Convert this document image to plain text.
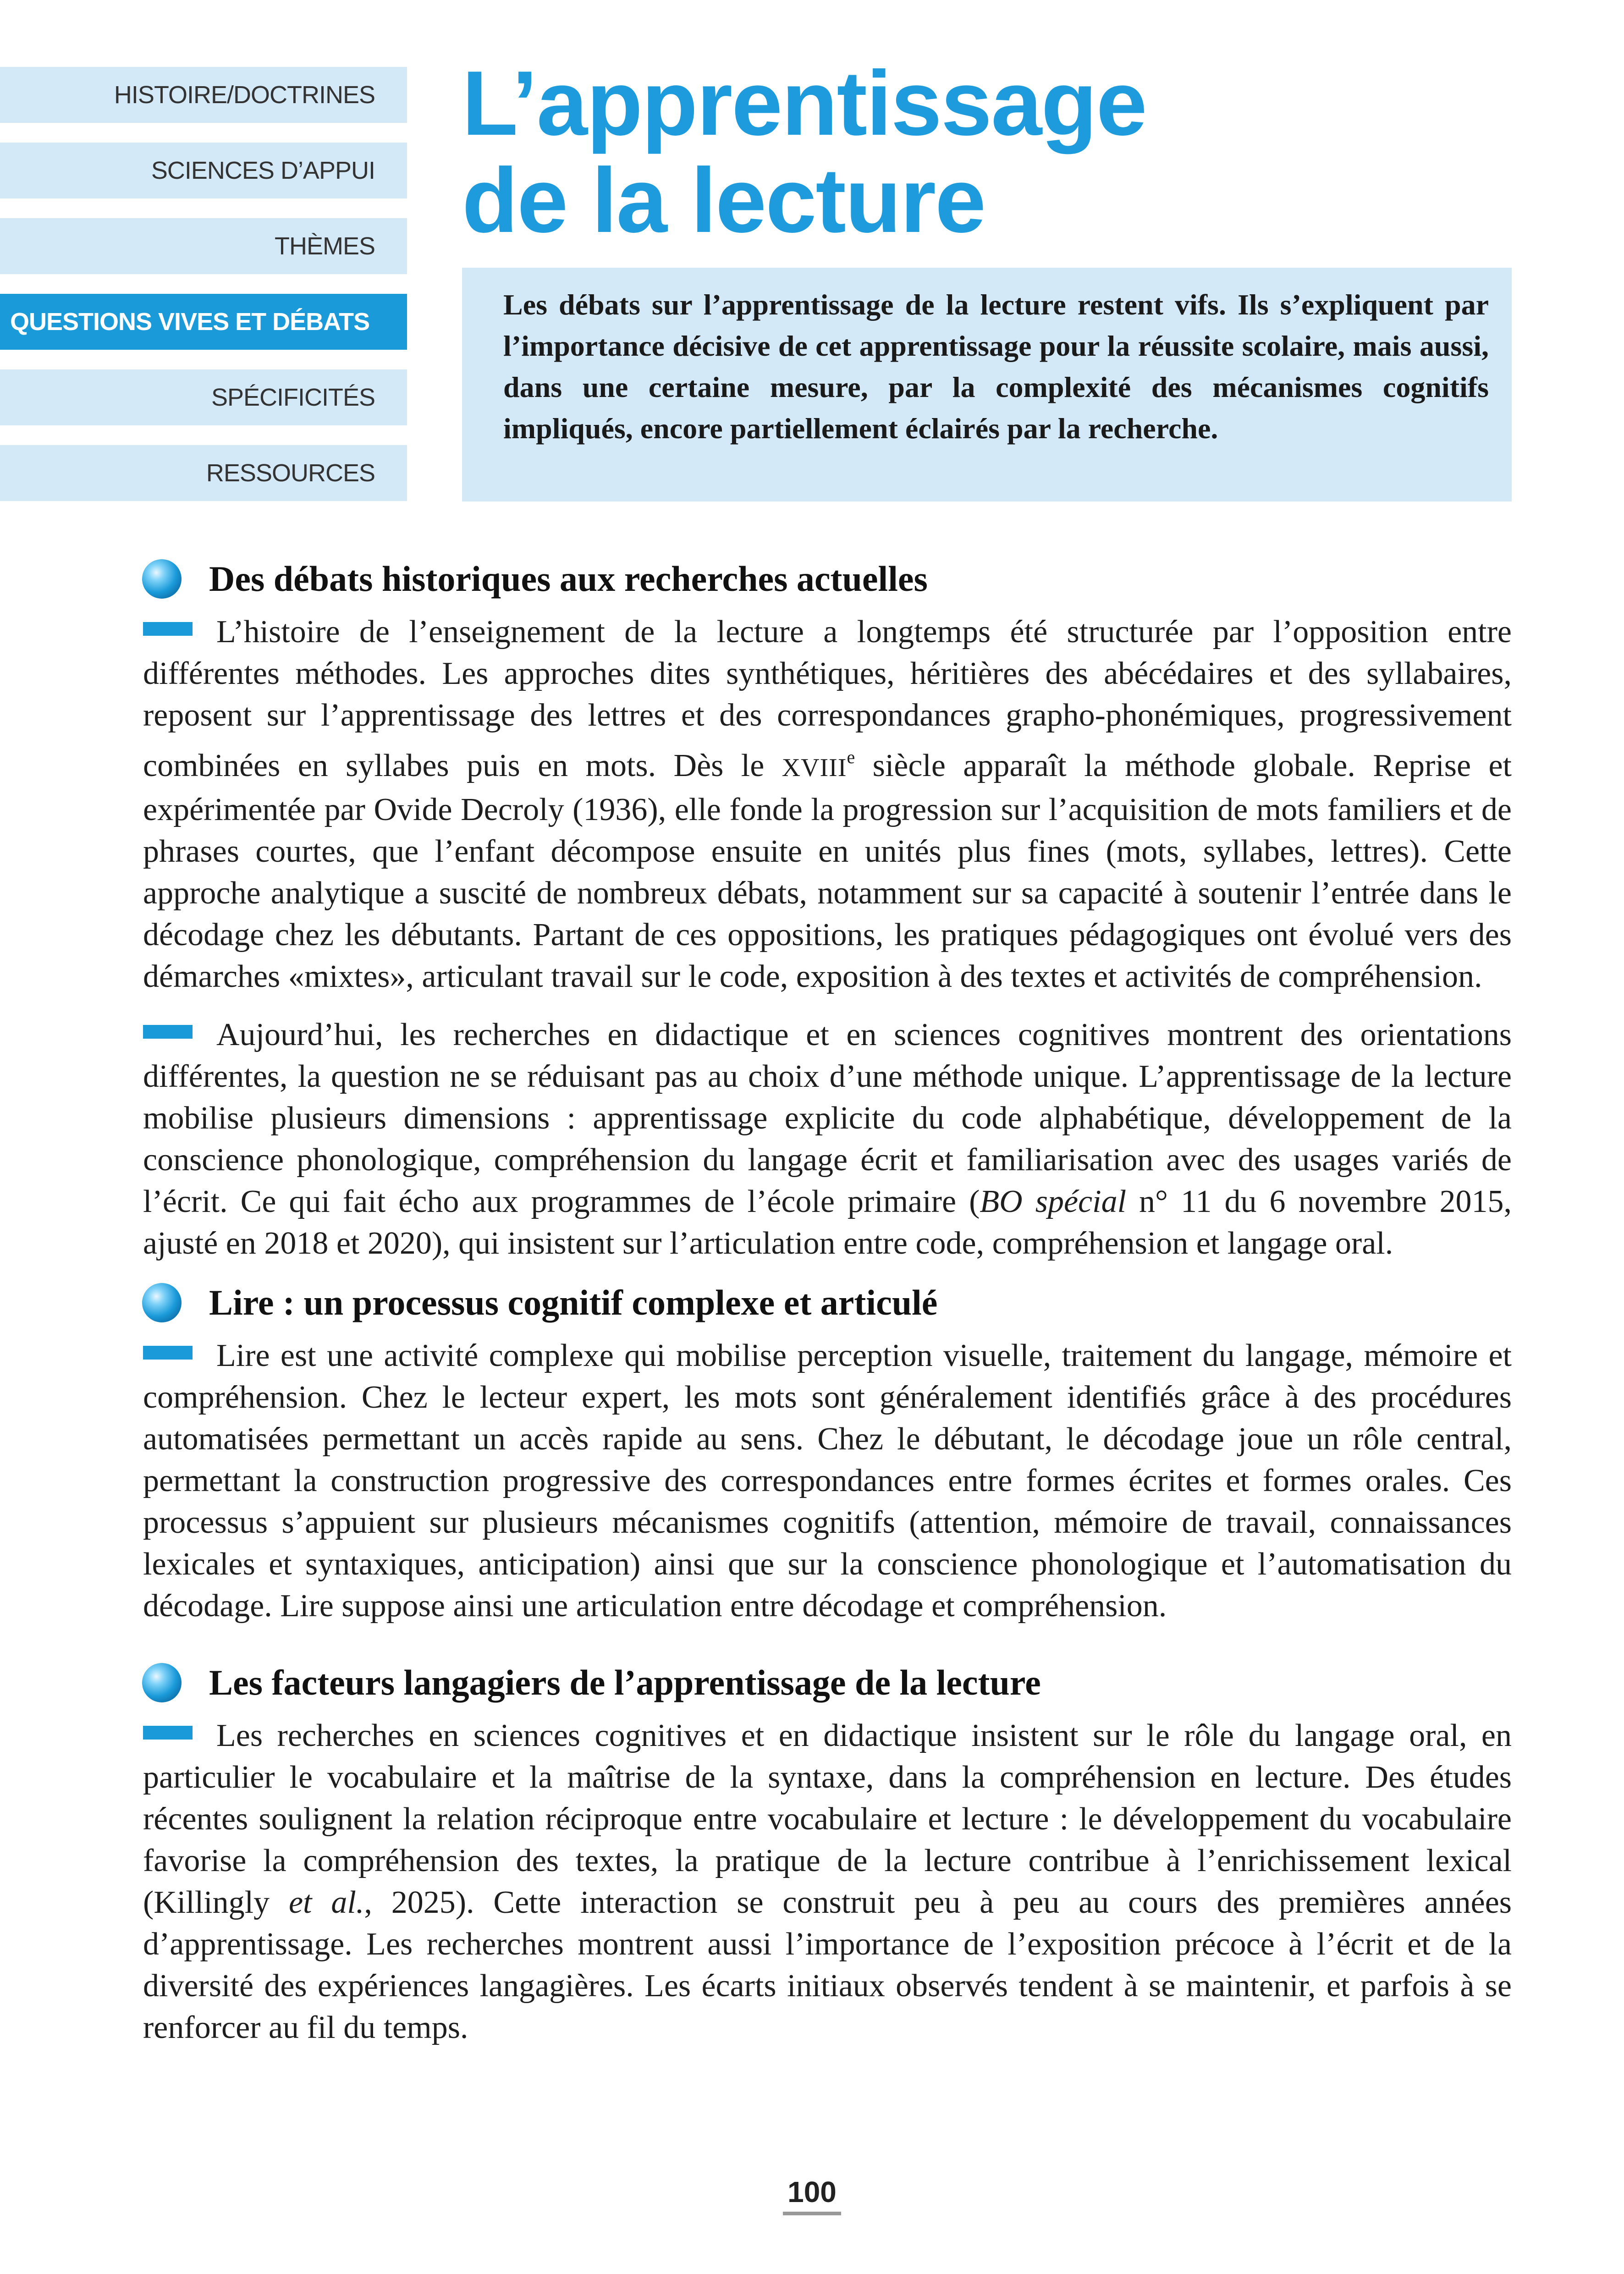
HISTOIRE/DOCTRINES
SCIENCES D’APPUI
THÈMES
QUESTIONS VIVES ET DÉBATS
SPÉCIFICITÉS
RESSOURCES
L’apprentissage
de la lecture
Les débats sur l’apprentissage de la lecture restent vifs. Ils s’expliquent par l’importance décisive de cet apprentissage pour la réussite scolaire, mais aussi, dans une certaine mesure, par la complexité des mécanismes cognitifs impliqués, encore partiellement éclairés par la recherche.
Des débats historiques aux recherches actuelles

L’histoire de l’enseignement de la lecture a longtemps été structurée par l’opposition entre différentes méthodes. Les approches dites synthétiques, héritières des abécédaires et des syllabaires, reposent sur l’apprentissage des lettres et des correspondances grapho-phonémiques, progressivement combinées en syllabes puis en mots. Dès le XVIIIe siècle apparaît la méthode globale. Reprise et expérimentée par Ovide Decroly (1936), elle fonde la progression sur l’acquisition de mots familiers et de phrases courtes, que l’enfant décompose ensuite en unités plus fines (mots, syllabes, lettres). Cette approche analytique a suscité de nombreux débats, notamment sur sa capacité à soutenir l’entrée dans le décodage chez les débutants. Partant de ces oppositions, les pratiques pédagogiques ont évolué vers des démarches «mixtes», articulant travail sur le code, exposition à des textes et activités de compréhension.

Aujourd’hui, les recherches en didactique et en sciences cognitives montrent des orientations différentes, la question ne se réduisant pas au choix d’une méthode unique. L’apprentissage de la lecture mobilise plusieurs dimensions : apprentissage explicite du code alphabétique, développement de la conscience phonologique, compréhension du langage écrit et familiarisation avec des usages variés de l’écrit. Ce qui fait écho aux programmes de l’école primaire (BO spécial n° 11 du 6 novembre 2015, ajusté en 2018 et 2020), qui insistent sur l’articulation entre code, compréhension et langage oral.

Lire : un processus cognitif complexe et articulé

Lire est une activité complexe qui mobilise perception visuelle, traitement du langage, mémoire et compréhension. Chez le lecteur expert, les mots sont généralement identifiés grâce à des procédures automatisées permettant un accès rapide au sens. Chez le débutant, le décodage joue un rôle central, permettant la construction progressive des correspondances entre formes écrites et formes orales. Ces processus s’appuient sur plusieurs mécanismes cognitifs (attention, mémoire de travail, connaissances lexicales et syntaxiques, anticipation) ainsi que sur la conscience phonologique et l’automatisation du décodage. Lire suppose ainsi une articulation entre décodage et compréhension.

Les facteurs langagiers de l’apprentissage de la lecture

Les recherches en sciences cognitives et en didactique insistent sur le rôle du langage oral, en particulier le vocabulaire et la maîtrise de la syntaxe, dans la compréhension en lecture. Des études récentes soulignent la relation réciproque entre vocabulaire et lecture : le développement du vocabulaire favorise la compréhension des textes, la pratique de la lecture contribue à l’enrichissement lexical (Killingly et al., 2025). Cette interaction se construit peu à peu au cours des premières années d’apprentissage. Les recherches montrent aussi l’importance de l’exposition précoce à l’écrit et de la diversité des expériences langagières. Les écarts initiaux observés tendent à se maintenir, et parfois à se renforcer au fil du temps.

100
